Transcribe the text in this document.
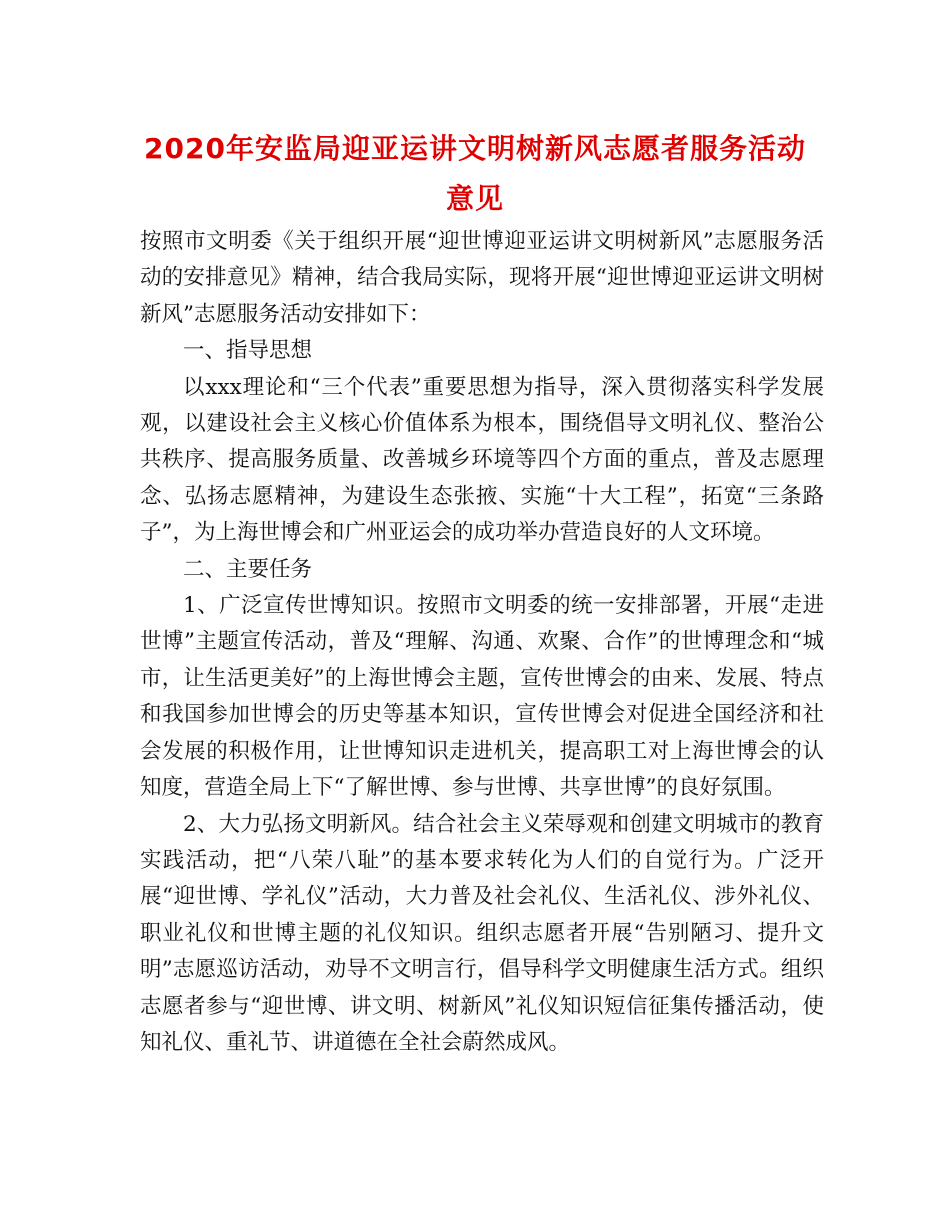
2020年安监局迎亚运讲文明树新风志愿者服务活动意见

按照市文明委《关于组织开展“迎世博迎亚运讲文明树新风”志愿服务活动的安排意见》精神，结合我局实际，现将开展“迎世博迎亚运讲文明树新风”志愿服务活动安排如下：

一、指导思想

以xxx理论和“三个代表”重要思想为指导，深入贯彻落实科学发展观，以建设社会主义核心价值体系为根本，围绕倡导文明礼仪、整治公共秩序、提高服务质量、改善城乡环境等四个方面的重点，普及志愿理念、弘扬志愿精神，为建设生态张掖、实施“十大工程”，拓宽“三条路子”，为上海世博会和广州亚运会的成功举办营造良好的人文环境。

二、主要任务

1、广泛宣传世博知识。按照市文明委的统一安排部署，开展“走进世博”主题宣传活动，普及“理解、沟通、欢聚、合作”的世博理念和“城市，让生活更美好”的上海世博会主题，宣传世博会的由来、发展、特点和我国参加世博会的历史等基本知识，宣传世博会对促进全国经济和社会发展的积极作用，让世博知识走进机关，提高职工对上海世博会的认知度，营造全局上下“了解世博、参与世博、共享世博”的良好氛围。

2、大力弘扬文明新风。结合社会主义荣辱观和创建文明城市的教育实践活动，把“八荣八耻”的基本要求转化为人们的自觉行为。广泛开展“迎世博、学礼仪”活动，大力普及社会礼仪、生活礼仪、涉外礼仪、职业礼仪和世博主题的礼仪知识。组织志愿者开展“告别陋习、提升文明”志愿巡访活动，劝导不文明言行，倡导科学文明健康生活方式。组织志愿者参与“迎世博、讲文明、树新风”礼仪知识短信征集传播活动，使知礼仪、重礼节、讲道德在全社会蔚然成风。
